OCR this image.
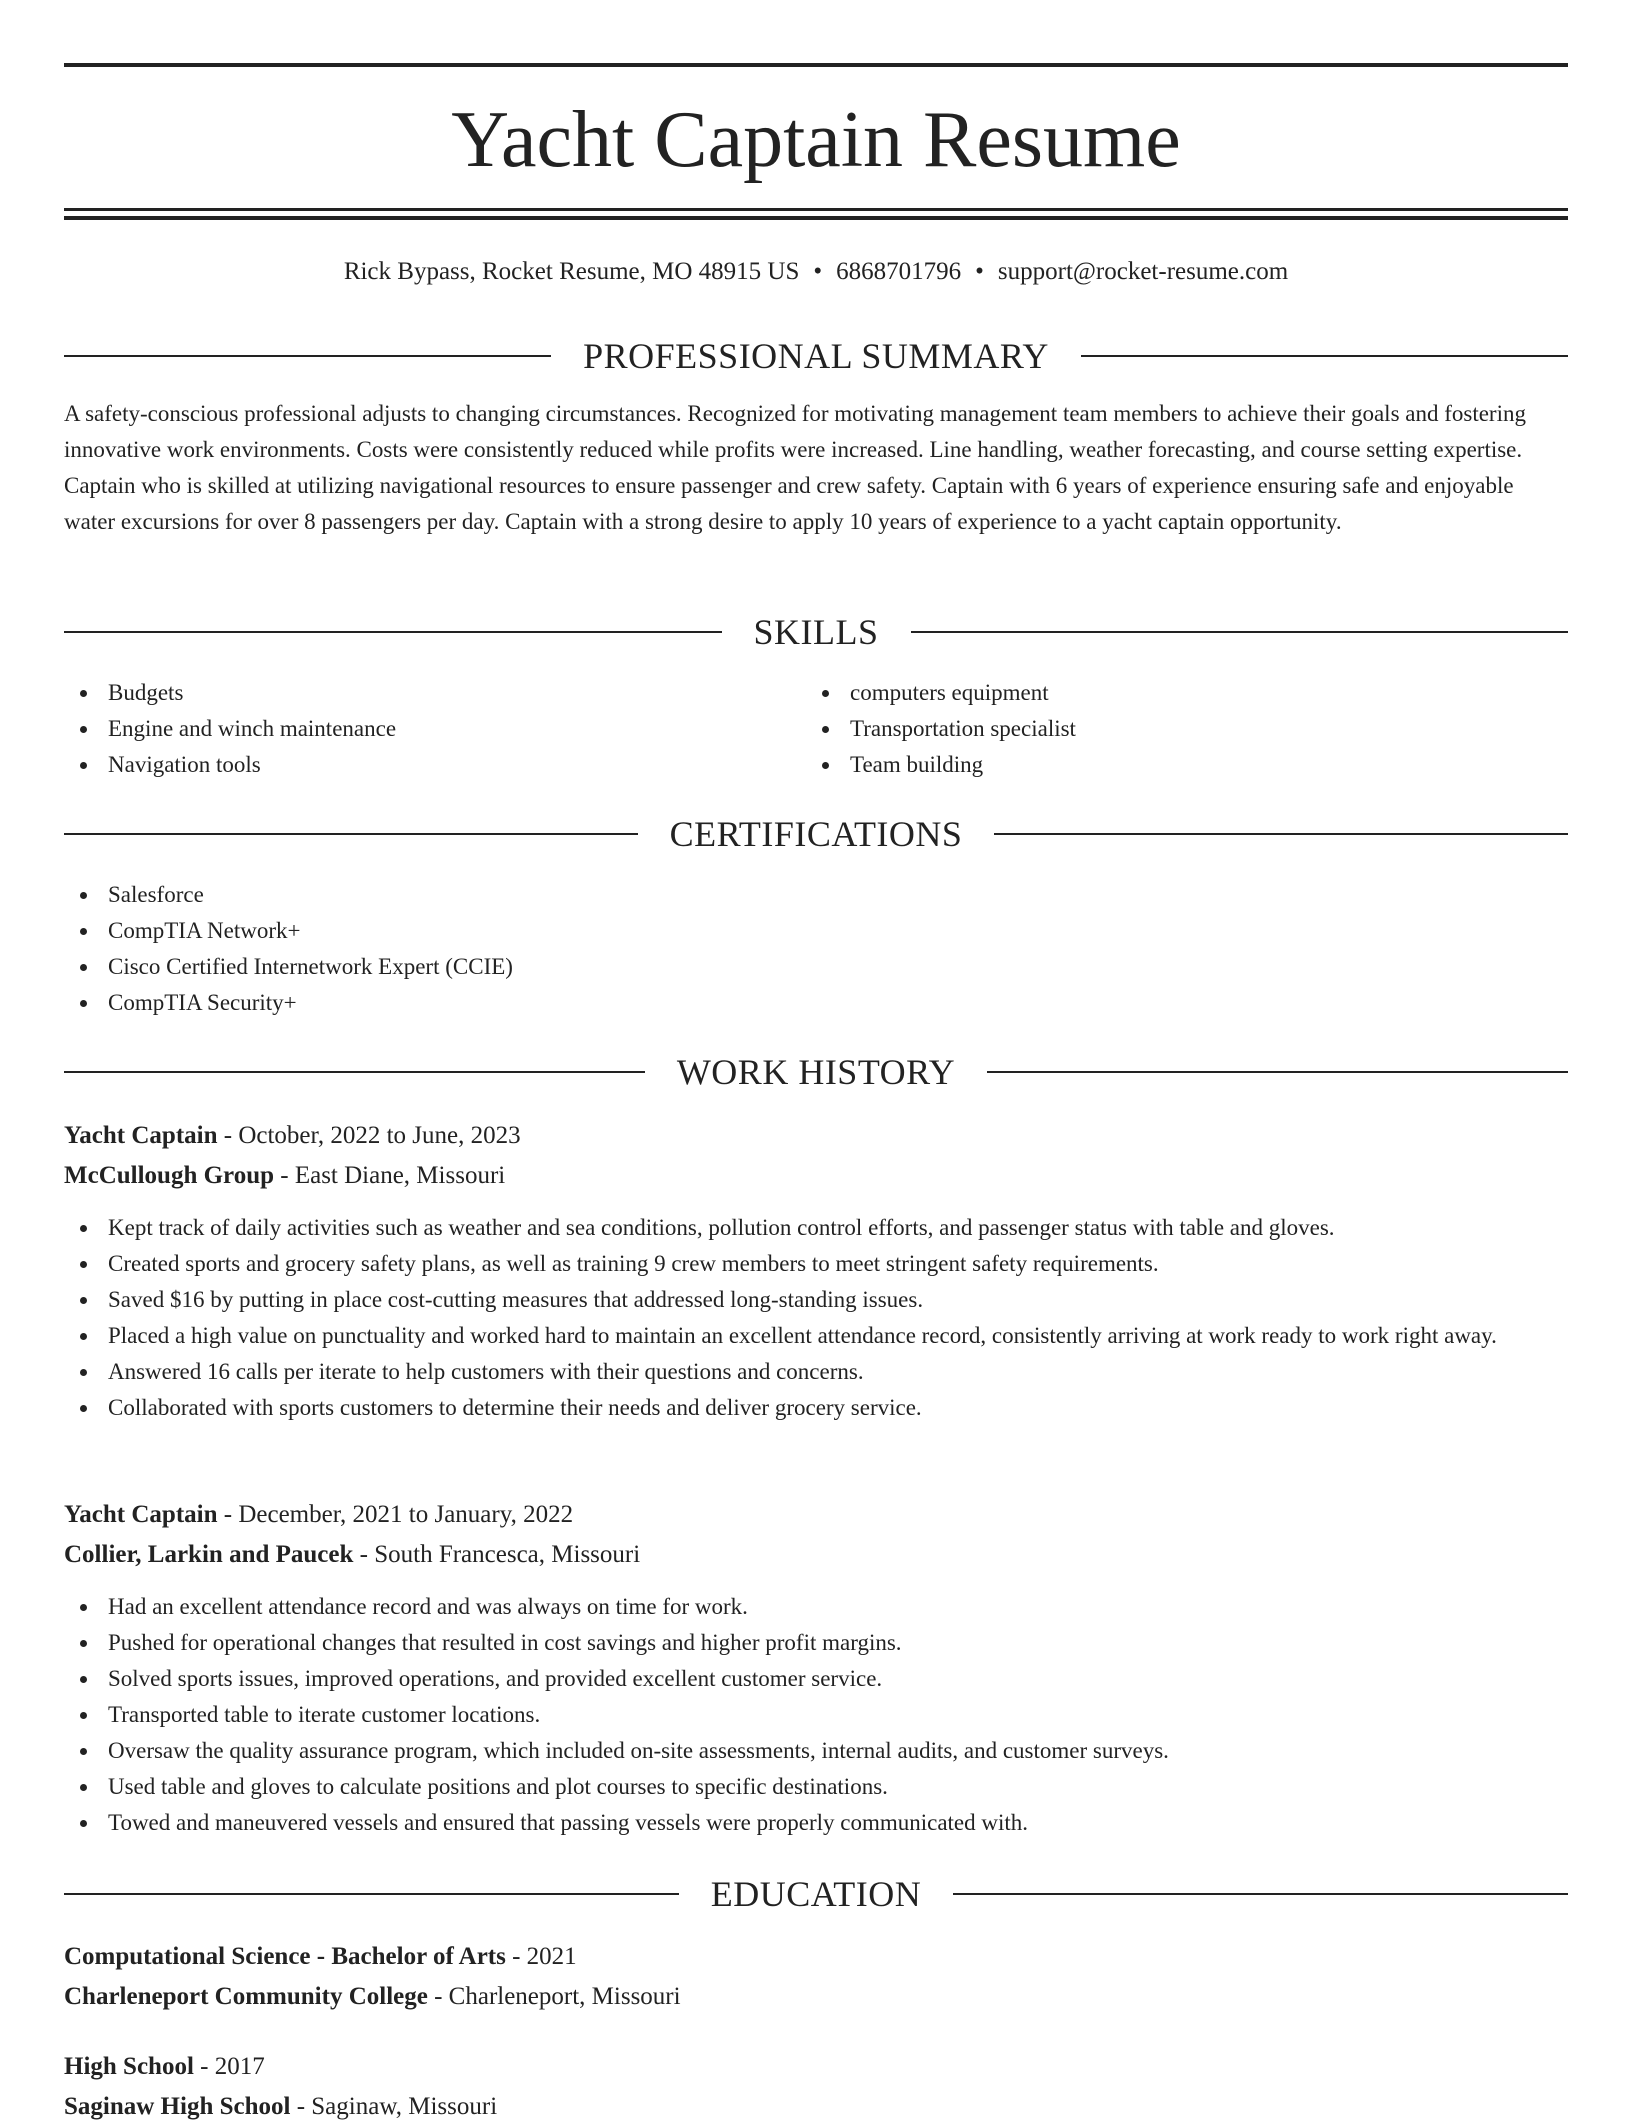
Yacht Captain Resume
Rick Bypass, Rocket Resume, MO 48915 US • 6868701796 • support@rocket-resume.com
PROFESSIONAL SUMMARY

A safety-conscious professional adjusts to changing circumstances. Recognized for motivating management team members to achieve their goals and fostering innovative work environments. Costs were consistently reduced while profits were increased. Line handling, weather forecasting, and course setting expertise. Captain who is skilled at utilizing navigational resources to ensure passenger and crew safety. Captain with 6 years of experience ensuring safe and enjoyable water excursions for over 8 passengers per day. Captain with a strong desire to apply 10 years of experience to a yacht captain opportunity.

SKILLS
Budgets
Engine and winch maintenance
Navigation tools
computers equipment
Transportation specialist
Team building
CERTIFICATIONS
Salesforce
CompTIA Network+
Cisco Certified Internetwork Expert (CCIE)
CompTIA Security+
WORK HISTORY
Yacht Captain - October, 2022 to June, 2023
McCullough Group - East Diane, Missouri
Kept track of daily activities such as weather and sea conditions, pollution control efforts, and passenger status with table and gloves.
Created sports and grocery safety plans, as well as training 9 crew members to meet stringent safety requirements.
Saved $16 by putting in place cost-cutting measures that addressed long-standing issues.
Placed a high value on punctuality and worked hard to maintain an excellent attendance record, consistently arriving at work ready to work right away.
Answered 16 calls per iterate to help customers with their questions and concerns.
Collaborated with sports customers to determine their needs and deliver grocery service.
Yacht Captain - December, 2021 to January, 2022
Collier, Larkin and Paucek - South Francesca, Missouri
Had an excellent attendance record and was always on time for work.
Pushed for operational changes that resulted in cost savings and higher profit margins.
Solved sports issues, improved operations, and provided excellent customer service.
Transported table to iterate customer locations.
Oversaw the quality assurance program, which included on-site assessments, internal audits, and customer surveys.
Used table and gloves to calculate positions and plot courses to specific destinations.
Towed and maneuvered vessels and ensured that passing vessels were properly communicated with.
EDUCATION
Computational Science - Bachelor of Arts - 2021
Charleneport Community College - Charleneport, Missouri
High School - 2017
Saginaw High School - Saginaw, Missouri
